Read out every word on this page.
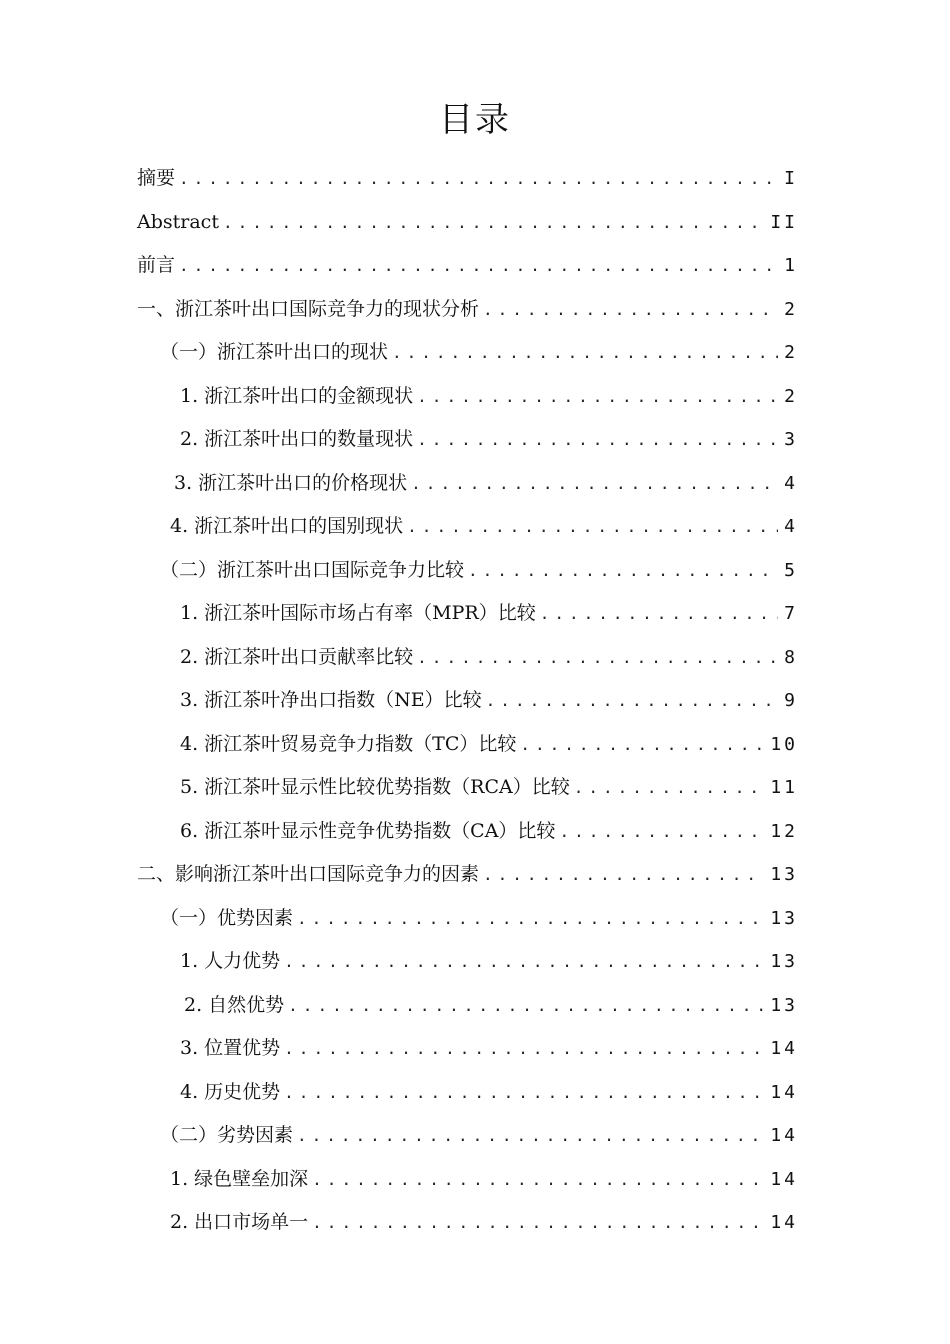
目录
摘要 .....	I
Abstract .....	II
前言 .....	1
一、浙江茶叶出口国际竞争力的现状分析 .....	2
（一）浙江茶叶出口的现状 .....	2
1. 浙江茶叶出口的金额现状 .....	2
2. 浙江茶叶出口的数量现状 .....	3
3. 浙江茶叶出口的价格现状 .....	4
4. 浙江茶叶出口的国别现状 .....	4
（二）浙江茶叶出口国际竞争力比较 .....	5
1. 浙江茶叶国际市场占有率（MPR）比较 .....	7
2. 浙江茶叶出口贡献率比较 .....	8
3. 浙江茶叶净出口指数（NE）比较 .....	9
4. 浙江茶叶贸易竞争力指数（TC）比较 .....	10
5. 浙江茶叶显示性比较优势指数（RCA）比较 .....	11
6. 浙江茶叶显示性竞争优势指数（CA）比较 .....	12
二、影响浙江茶叶出口国际竞争力的因素 .....	13
（一）优势因素 .....	13
1. 人力优势 .....	13
2. 自然优势 .....	13
3. 位置优势 .....	14
4. 历史优势 .....	14
（二）劣势因素 .....	14
1. 绿色壁垒加深 .....	14
2. 出口市场单一 .....	14
